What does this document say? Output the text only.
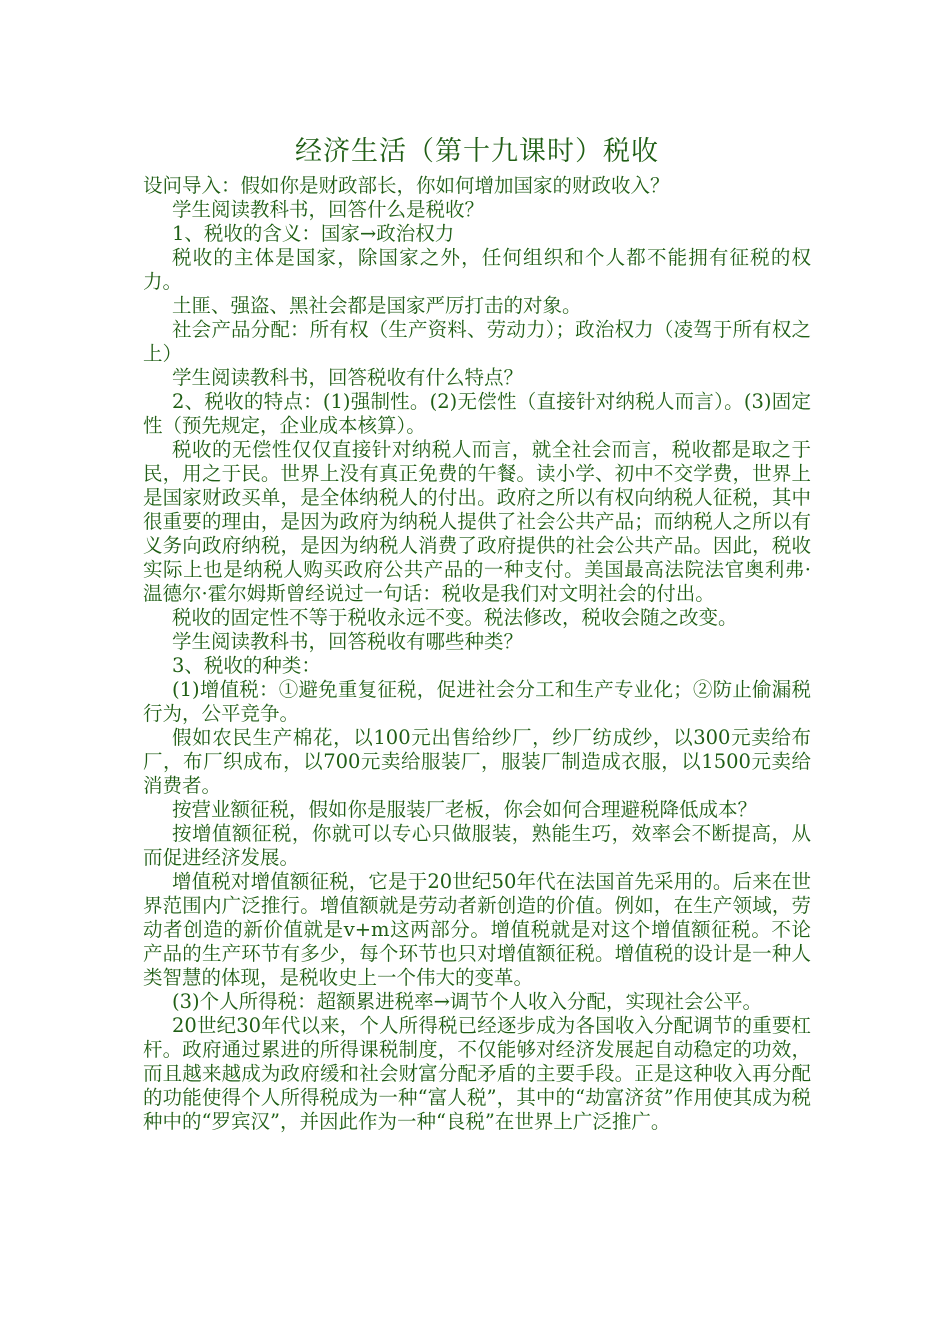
经济生活（第十九课时）税收

设问导入：假如你是财政部长，你如何增加国家的财政收入？

学生阅读教科书，回答什么是税收？

1、税收的含义：国家→政治权力

税收的主体是国家，除国家之外，任何组织和个人都不能拥有征税的权力。

土匪、强盗、黑社会都是国家严厉打击的对象。

社会产品分配：所有权（生产资料、劳动力）；政治权力（凌驾于所有权之上）

学生阅读教科书，回答税收有什么特点？

2、税收的特点：(1)强制性。(2)无偿性（直接针对纳税人而言）。(3)固定性（预先规定，企业成本核算）。

税收的无偿性仅仅直接针对纳税人而言，就全社会而言，税收都是取之于民，用之于民。世界上没有真正免费的午餐。读小学、初中不交学费，世界上是国家财政买单，是全体纳税人的付出。政府之所以有权向纳税人征税，其中很重要的理由，是因为政府为纳税人提供了社会公共产品；而纳税人之所以有义务向政府纳税，是因为纳税人消费了政府提供的社会公共产品。因此，税收实际上也是纳税人购买政府公共产品的一种支付。美国最高法院法官奥利弗·温德尔·霍尔姆斯曾经说过一句话：税收是我们对文明社会的付出。

税收的固定性不等于税收永远不变。税法修改，税收会随之改变。

学生阅读教科书，回答税收有哪些种类？

3、税收的种类：

(1)增值税：①避免重复征税，促进社会分工和生产专业化；②防止偷漏税行为，公平竞争。

假如农民生产棉花，以100元出售给纱厂，纱厂纺成纱，以300元卖给布厂，布厂织成布，以700元卖给服装厂，服装厂制造成衣服，以1500元卖给消费者。

按营业额征税，假如你是服装厂老板，你会如何合理避税降低成本？

按增值额征税，你就可以专心只做服装，熟能生巧，效率会不断提高，从而促进经济发展。

增值税对增值额征税，它是于20世纪50年代在法国首先采用的。后来在世界范围内广泛推行。增值额就是劳动者新创造的价值。例如，在生产领域，劳动者创造的新价值就是v+m这两部分。增值税就是对这个增值额征税。不论产品的生产环节有多少，每个环节也只对增值额征税。增值税的设计是一种人类智慧的体现，是税收史上一个伟大的变革。

(3)个人所得税：超额累进税率→调节个人收入分配，实现社会公平。

20世纪30年代以来，个人所得税已经逐步成为各国收入分配调节的重要杠杆。政府通过累进的所得课税制度，不仅能够对经济发展起自动稳定的功效，而且越来越成为政府缓和社会财富分配矛盾的主要手段。正是这种收入再分配的功能使得个人所得税成为一种“富人税”，其中的“劫富济贫”作用使其成为税种中的“罗宾汉”，并因此作为一种“良税”在世界上广泛推广。
